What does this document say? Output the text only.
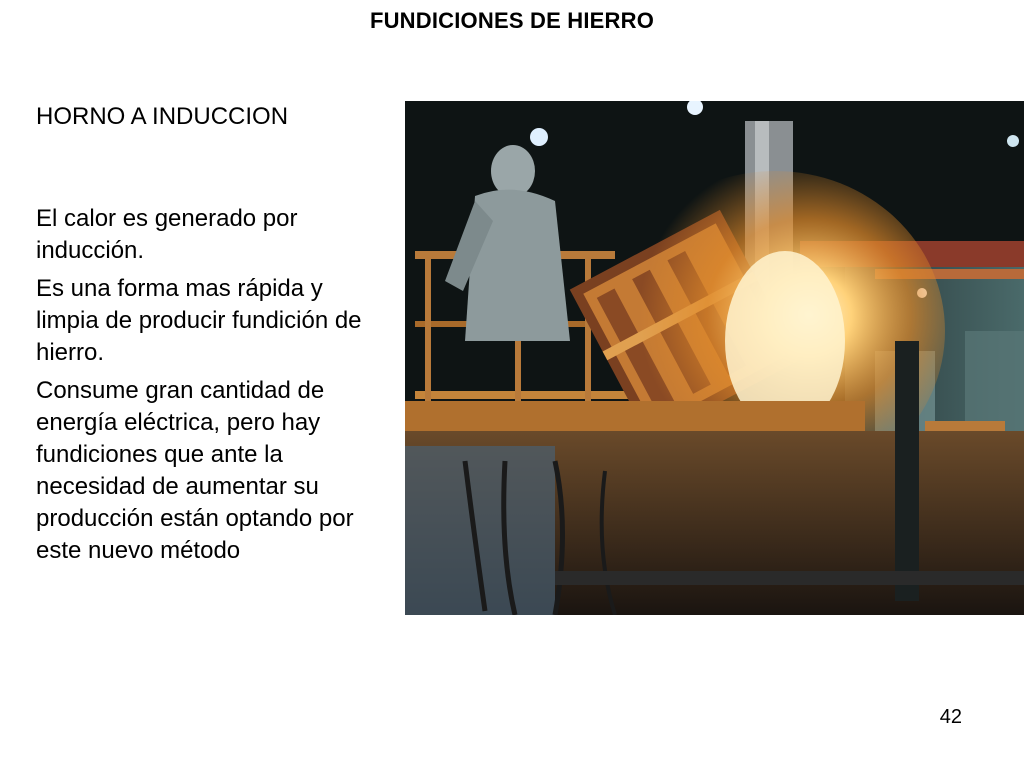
FUNDICIONES DE HIERRO
HORNO A INDUCCION

El calor es generado por inducción.

Es una forma mas rápida y limpia de producir fundición de hierro.

Consume gran cantidad de energía eléctrica, pero hay fundiciones que ante la necesidad de aumentar su producción están optando por este nuevo método

42
